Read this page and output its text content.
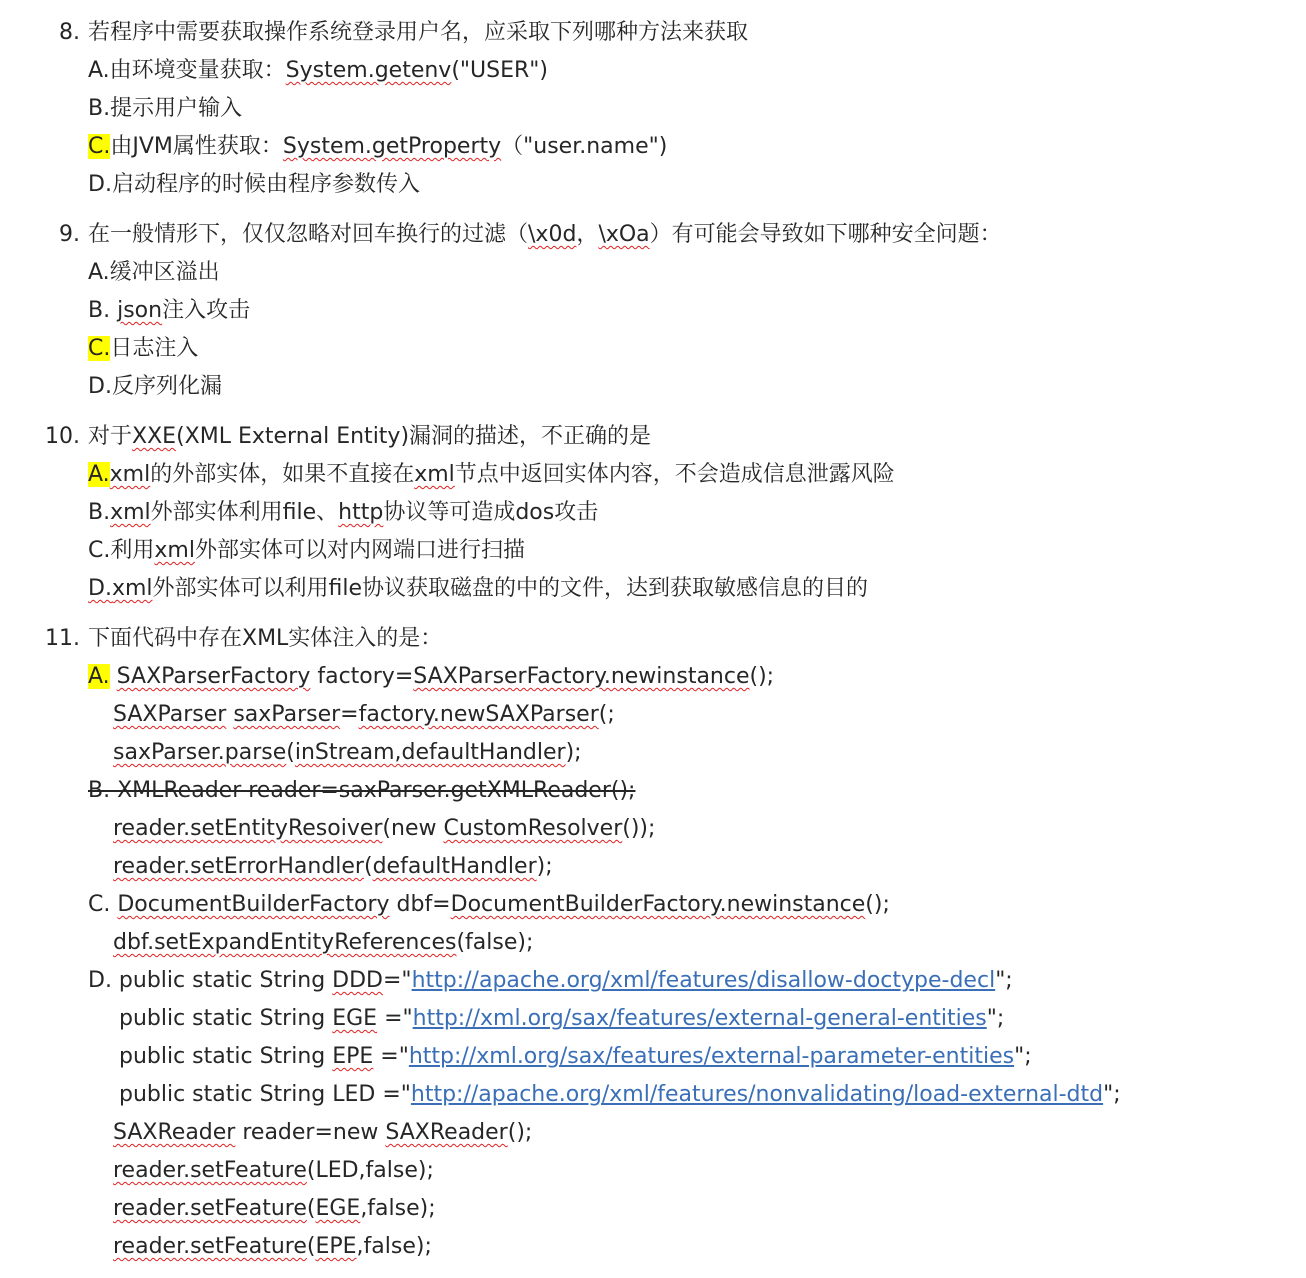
8. 若程序中需要获取操作系统登录用户名，应采取下列哪种方法来获取
A.由环境变量获取：System.getenv("USER")
B.提示用户输入
C.由JVM属性获取：System.getProperty（"user.name")
D.启动程序的时候由程序参数传入
9. 在一般情形下，仅仅忽略对回车换行的过滤（\x0d，\xOa）有可能会导致如下哪种安全问题：
A.缓冲区溢出
B. json注入攻击
C.日志注入
D.反序列化漏
10. 对于XXE(XML External Entity)漏洞的描述，不正确的是
A.xml的外部实体，如果不直接在xml节点中返回实体内容，不会造成信息泄露风险
B.xml外部实体利用file、http协议等可造成dos攻击
C.利用xml外部实体可以对内网端口进行扫描
D.xml外部实体可以利用file协议获取磁盘的中的文件，达到获取敏感信息的目的
11. 下面代码中存在XML实体注入的是：
A. SAXParserFactory factory=SAXParserFactory.newinstance();
SAXParser saxParser=factory.newSAXParser(;
saxParser.parse(inStream,defaultHandler);
B. XMLReader reader=saxParser.getXMLReader();
reader.setEntityResoiver(new CustomResolver());
reader.setErrorHandler(defaultHandler);
C. DocumentBuilderFactory dbf=DocumentBuilderFactory.newinstance();
dbf.setExpandEntityReferences(false);
D. public static String DDD="http://apache.org/xml/features/disallow-doctype-decl";
public static String EGE ="http://xml.org/sax/features/external-general-entities";
public static String EPE ="http://xml.org/sax/features/external-parameter-entities";
public static String LED ="http://apache.org/xml/features/nonvalidating/load-external-dtd";
SAXReader reader=new SAXReader();
reader.setFeature(LED,false);
reader.setFeature(EGE,false);
reader.setFeature(EPE,false);
